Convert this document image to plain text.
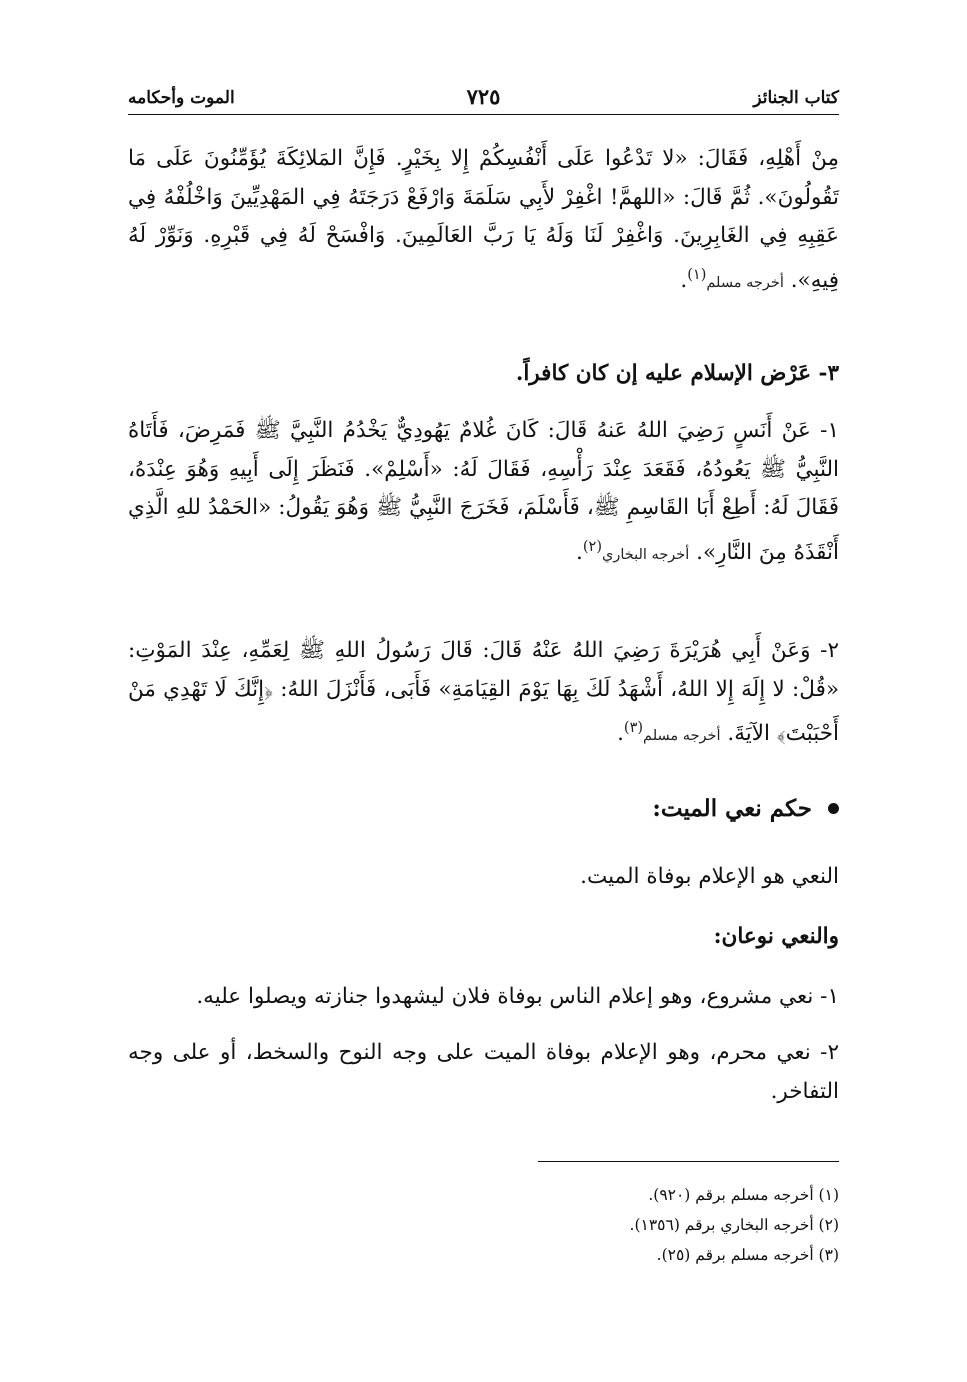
كتاب الجنائز
٧٢٥
الموت وأحكامه

مِنْ أَهْلِهِ، فَقَالَ: «لا تَدْعُوا عَلَى أَنْفُسِكُمْ إِلا بِخَيْرٍ. فَإِنَّ المَلائِكَةَ يُؤَمِّنُونَ عَلَى مَا تَقُولُونَ». ثُمَّ قَالَ: «اللهمَّ! اغْفِرْ لأَبِي سَلَمَةَ وَارْفَعْ دَرَجَتَهُ فِي المَهْدِيِّينَ وَاخْلُفْهُ فِي عَقِبِهِ فِي الغَابِرِينَ. وَاغْفِرْ لَنَا وَلَهُ يَا رَبَّ العَالَمِينَ. وَافْسَحْ لَهُ فِي قَبْرِهِ. وَنَوِّرْ لَهُ فِيهِ». أخرجه مسلم$^{(١)}$.

٣- عَرْض الإسلام عليه إن كان كافراً.

١- عَنْ أَنَسٍ رَضِيَ اللهُ عَنهُ قَالَ: كَانَ غُلامٌ يَهُودِيٌّ يَخْدُمُ النَّبِيَّ ﷺ فَمَرِضَ، فَأَتَاهُ النَّبِيُّ ﷺ يَعُودُهُ، فَقَعَدَ عِنْدَ رَأْسِهِ، فَقَالَ لَهُ: «أَسْلِمْ». فَنَظَرَ إِلَى أَبِيهِ وَهُوَ عِنْدَهُ، فَقَالَ لَهُ: أَطِعْ أَبَا القَاسِمِ ﷺ، فَأَسْلَمَ، فَخَرَجَ النَّبِيُّ ﷺ وَهُوَ يَقُولُ: «الحَمْدُ للهِ الَّذِي أَنْقَذَهُ مِنَ النَّارِ». أخرجه البخاري$^{(٢)}$.

٢- وَعَنْ أَبِي هُرَيْرَةَ رَضِيَ اللهُ عَنْهُ قَالَ: قَالَ رَسُولُ اللهِ ﷺ لِعَمِّهِ، عِنْدَ المَوْتِ: «قُلْ: لا إِلَهَ إِلا اللهُ، أَشْهَدُ لَكَ بِهَا يَوْمَ القِيَامَةِ» فَأَبَى، فَأَنْزَلَ اللهُ: ﴿إِنَّكَ لَا تَهْدِي مَنْ أَحْبَبْتَ﴾ الآيَةَ. أخرجه مسلم$^{(٣)}$.

حكم نعي الميت:
النعي هو الإعلام بوفاة الميت.
والنعي نوعان:
١- نعي مشروع، وهو إعلام الناس بوفاة فلان ليشهدوا جنازته ويصلوا عليه.
٢- نعي محرم، وهو الإعلام بوفاة الميت على وجه النوح والسخط، أو على وجه التفاخر.
(١) أخرجه مسلم برقم (٩٢٠).
(٢) أخرجه البخاري برقم (١٣٥٦).
(٣) أخرجه مسلم برقم (٢٥).
